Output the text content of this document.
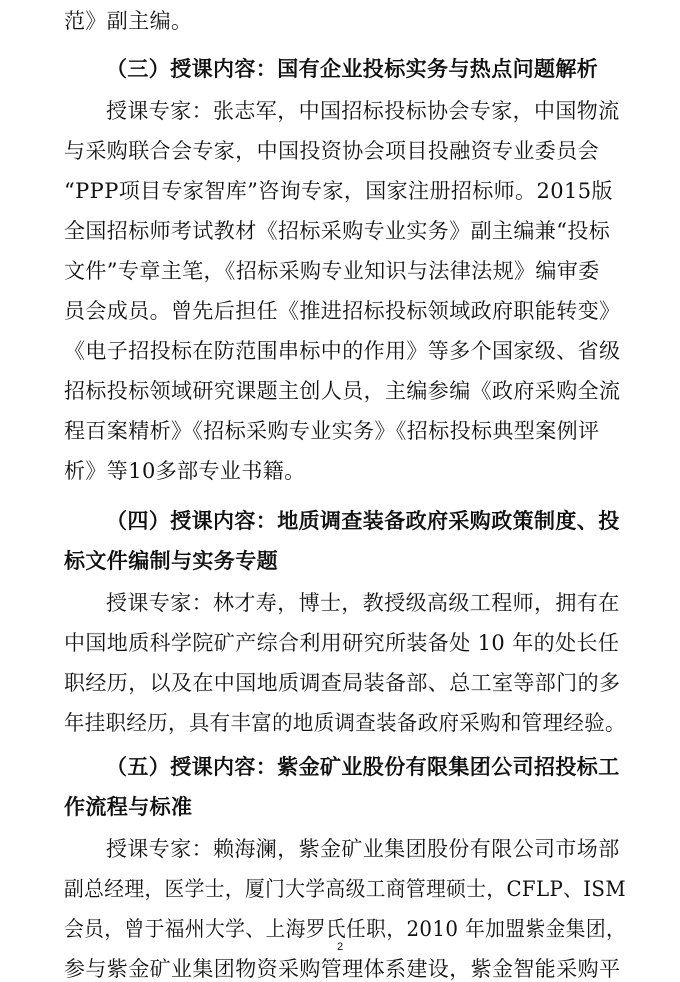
范》副主编。
（三）授课内容：国有企业投标实务与热点问题解析
授课专家：张志军，中国招标投标协会专家，中国物流
与采购联合会专家，中国投资协会项目投融资专业委员会
“PPP项目专家智库”咨询专家，国家注册招标师。2015版
全国招标师考试教材《招标采购专业实务》副主编兼“投标
文件”专章主笔，《招标采购专业知识与法律法规》编审委
员会成员。曾先后担任《推进招标投标领域政府职能转变》
《电子招投标在防范围串标中的作用》等多个国家级、省级
招标投标领域研究课题主创人员，主编参编《政府采购全流
程百案精析》《招标采购专业实务》《招标投标典型案例评
析》等10多部专业书籍。
（四）授课内容：地质调查装备政府采购政策制度、投
标文件编制与实务专题
授课专家：林才寿，博士，教授级高级工程师，拥有在
中国地质科学院矿产综合利用研究所装备处 10 年的处长任
职经历，以及在中国地质调查局装备部、总工室等部门的多
年挂职经历，具有丰富的地质调查装备政府采购和管理经验。
（五）授课内容：紫金矿业股份有限集团公司招投标工
作流程与标准
授课专家：赖海澜，紫金矿业集团股份有限公司市场部
副总经理，医学士，厦门大学高级工商管理硕士，CFLP、ISM
会员，曾于福州大学、上海罗氏任职，2010 年加盟紫金集团，
参与紫金矿业集团物资采购管理体系建设，紫金智能采购平
2
